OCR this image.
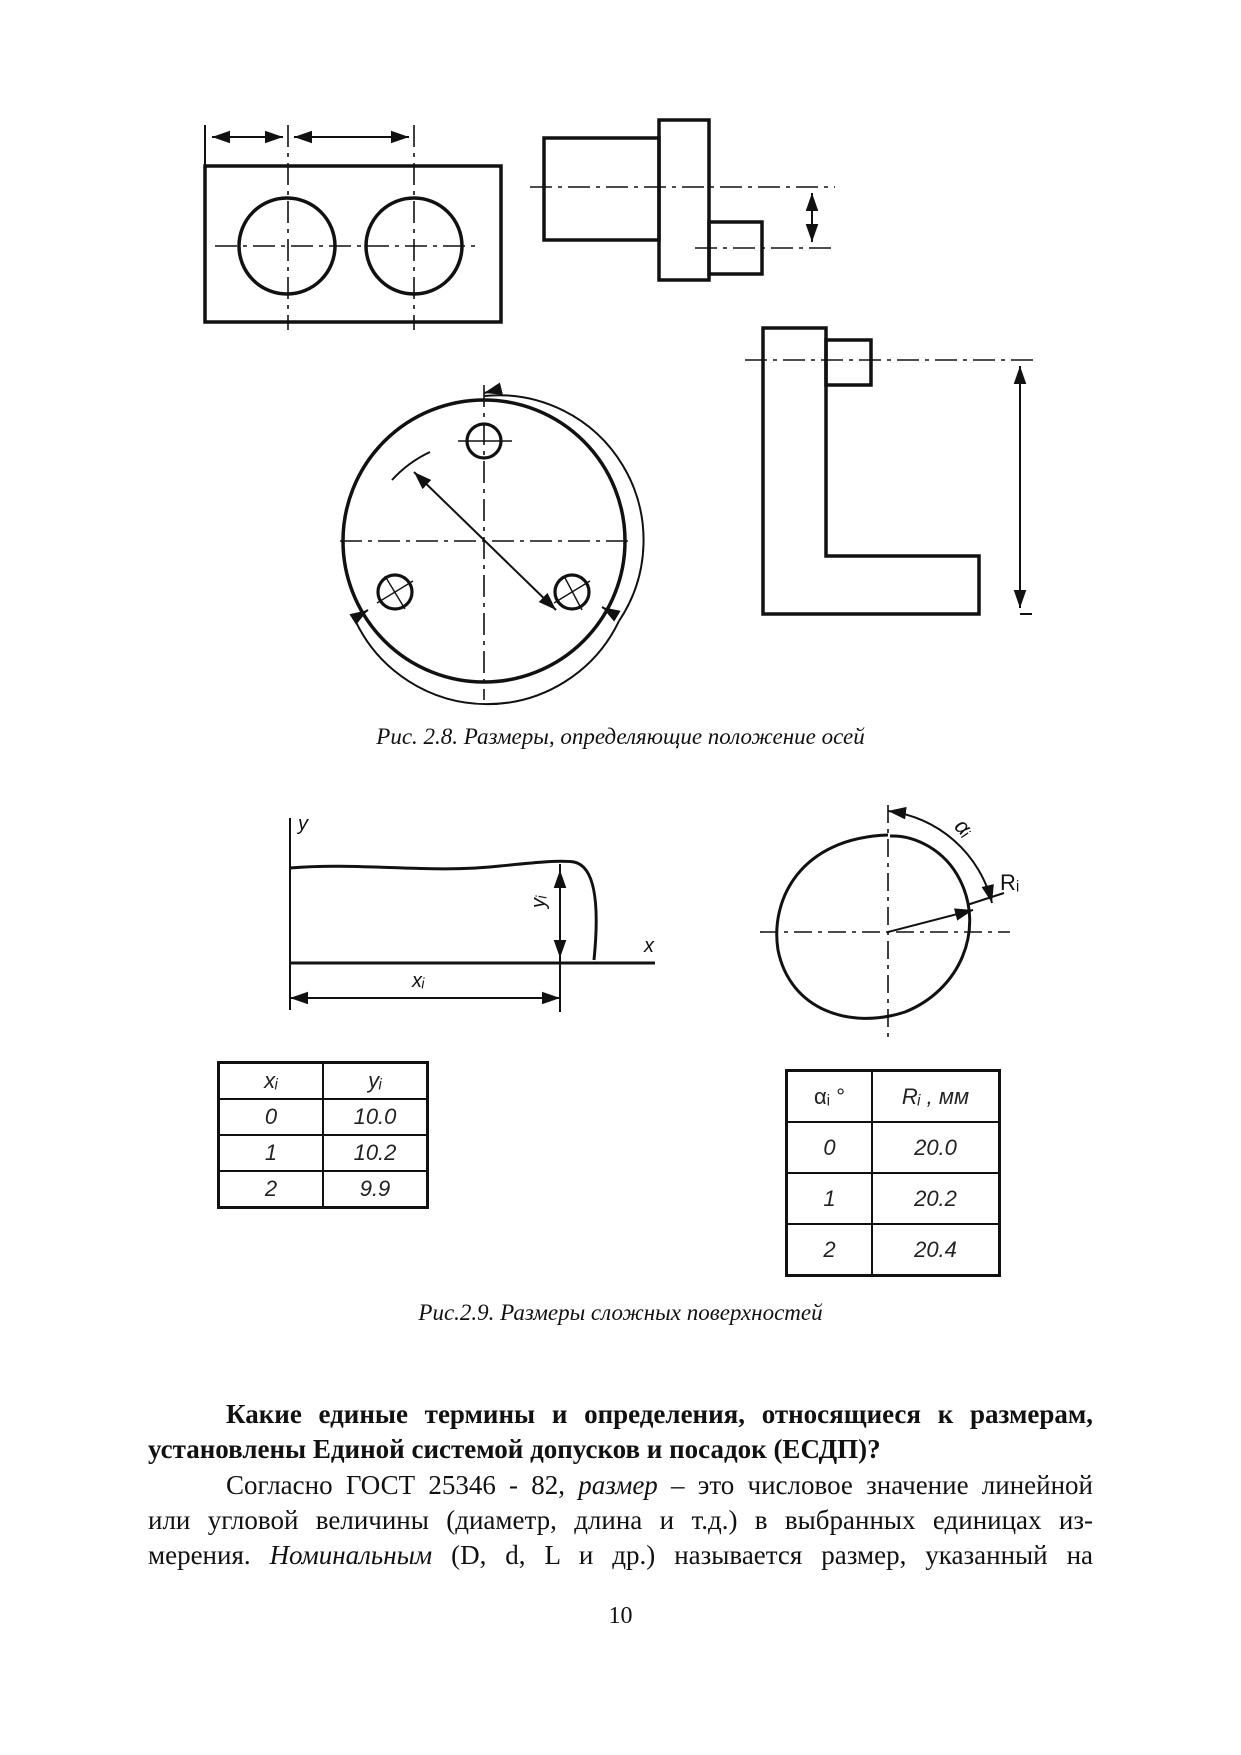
Рис. 2.8. Размеры, определяющие положение осей
y
x
yᵢ
xᵢ
αᵢ
Rᵢ
xᵢ	yᵢ
0	10.0
1	10.2
2	9.9
αᵢ °	Rᵢ , мм
0	20.0
1	20.2
2	20.4
Рис.2.9. Размеры сложных поверхностей
Какие единые термины и определения, относящиеся к размерам,
установлены Единой системой допусков и посадок (ЕСДП)?
Согласно ГОСТ 25346 - 82, размер – это числовое значение линейной
или угловой величины (диаметр, длина и т.д.) в выбранных единицах из-
мерения. Номинальным (D, d, L и др.) называется размер, указанный на
10
